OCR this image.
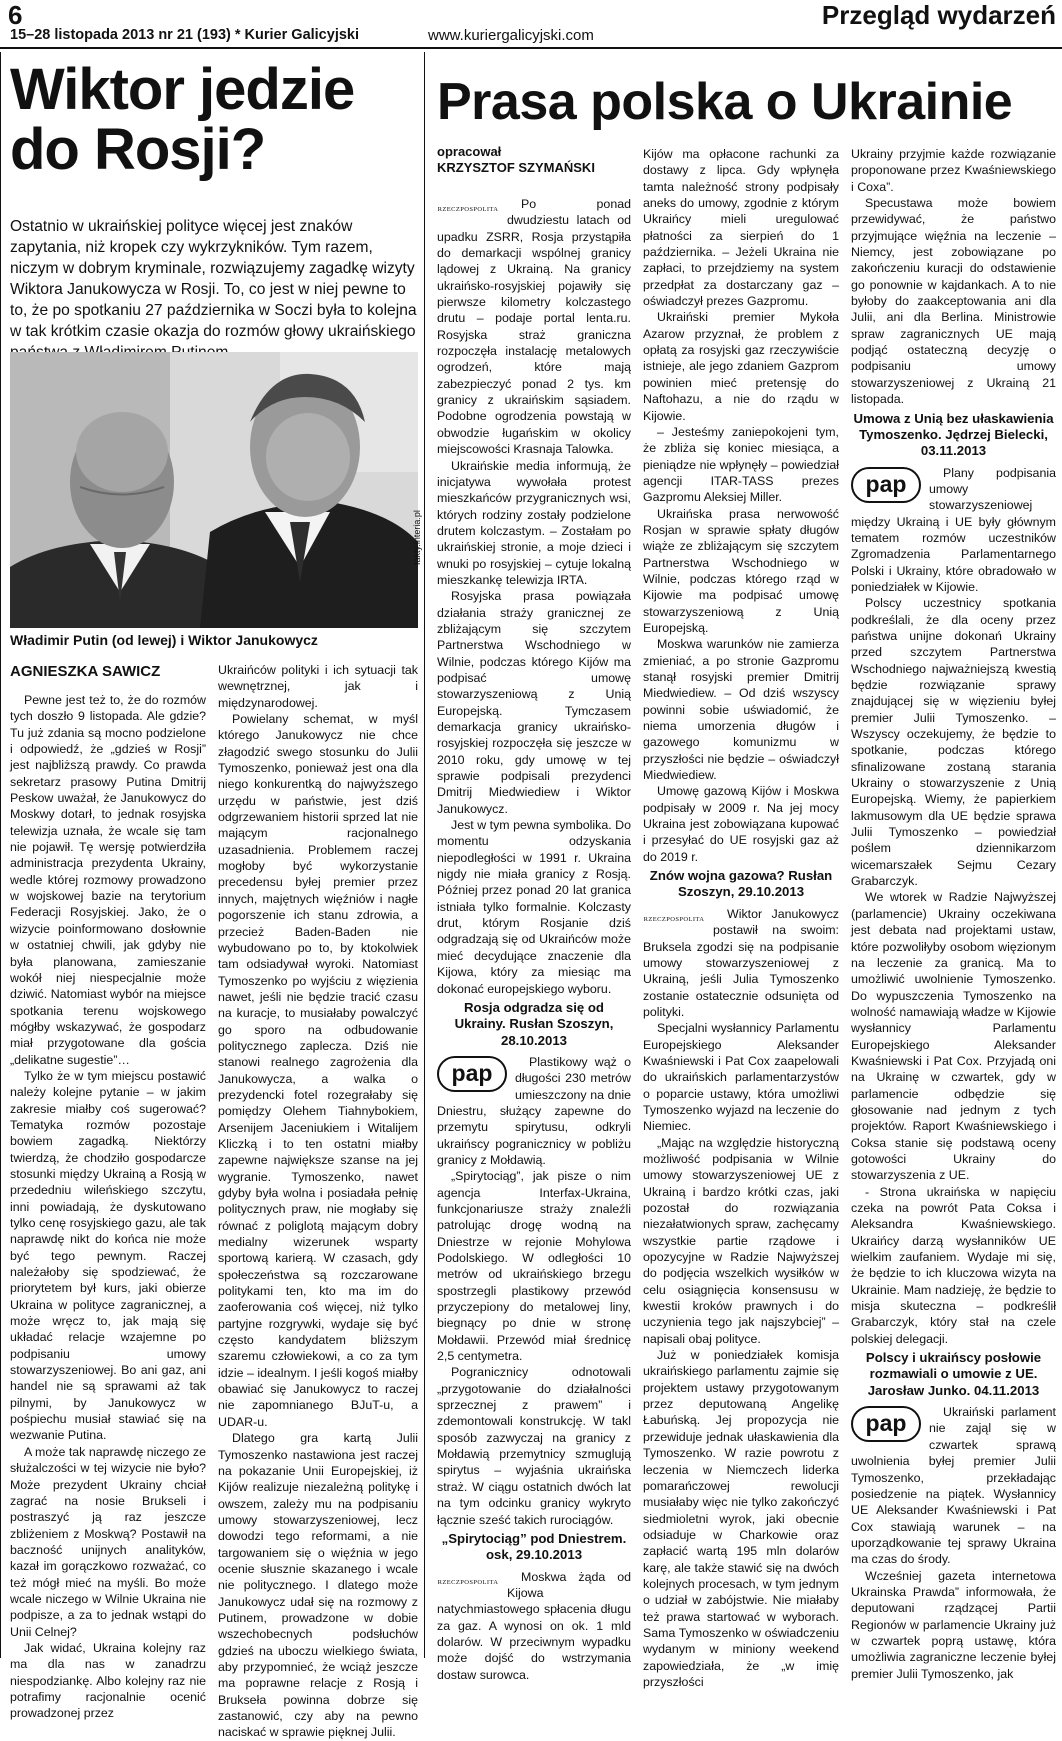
6
15–28 listopada 2013 nr 21 (193) * Kurier Galicyjski	www.kuriergalicyjski.com
Przegląd wydarzeń
Wiktor jedzie do Rosji?

Ostatnio w ukraińskiej polityce więcej jest znaków zapytania, niż kropek czy wykrzykników. Tym razem, niczym w dobrym kryminale, rozwiązujemy zagadkę wizyty Wiktora Janukowycza w Rosji. To, co jest w niej pewne to to, że po spotkaniu 27 października w Soczi była to kolejna w tak krótkim czasie okazja do rozmów głowy ukraińskiego

fakty.interia.pl

Władimir Putin (od lewej) i Wiktor Janukowycz

AGNIESZKA SAWICZ

Pewne jest też to, że do rozmów tych doszło 9 listopada. Ale gdzie? Tu już zdania są mocno podzielone i odpowiedź, że „gdzieś w Rosji” jest najbliższą prawdy. Co prawda sekretarz prasowy Putina Dmitrij Peskow uważał, że Janukowycz do Moskwy dotarł, to jednak rosyjska telewizja uznała, że wcale się tam nie pojawił. Tę wersję potwierdziła administracja prezydenta Ukrainy, wedle której rozmowy prowadzono w wojskowej bazie na terytorium Federacji Rosyjskiej. Jako, że o wizycie poinformowano dosłownie w ostatniej chwili, jak gdyby nie była planowana, zamieszanie wokół niej niespecjalnie może dziwić. Natomiast wybór na miejsce spotkania terenu wojskowego mógłby wskazywać, że gospodarz miał przygotowane dla gościa „delikatne sugestie”…

Tylko że w tym miejscu postawić należy kolejne pytanie – w jakim zakresie miałby coś sugerować? Tematyka rozmów pozostaje bowiem zagadką. Niektórzy twierdzą, że chodziło gospodarcze stosunki między Ukrainą a Rosją w przededniu wileńskiego szczytu, inni powiadają, że dyskutowano tylko cenę rosyjskiego gazu, ale tak naprawdę nikt do końca nie może być tego pewnym. Raczej należałoby się spodziewać, że priorytetem był kurs, jaki obierze Ukraina w polityce zagranicznej, a może wręcz to, jak mają się układać relacje wzajemne po podpisaniu umowy stowarzyszeniowej. Bo ani gaz, ani handel nie są sprawami aż tak pilnymi, by Janukowycz w pośpiechu musiał stawiać się na wezwanie Putina.

A może tak naprawdę niczego ze służalczości w tej wizycie nie było? Może prezydent Ukrainy chciał zagrać na nosie Brukseli i postraszyć ją raz jeszcze zbliżeniem z Moskwą? Postawił na baczność unijnych analityków, kazał im gorączkowo rozważać, co też mógł mieć na myśli. Bo może wcale niczego w Wilnie Ukraina nie podpisze, a za to jednak wstąpi do Unii Celnej?

Jak widać, Ukraina kolejny raz ma dla nas w zanadrzu niespodziankę. Albo kolejny raz nie potrafimy racjonalnie ocenić prowadzonej przez

Ukraińców polityki i ich sytuacji tak wewnętrznej, jak i międzynarodowej.

Powielany schemat, w myśl którego Janukowycz nie chce złagodzić swego stosunku do Julii Tymoszenko, ponieważ jest ona dla niego konkurentką do najwyższego urzędu w państwie, jest dziś odgrzewaniem historii sprzed lat nie mającym racjonalnego uzasadnienia. Problemem raczej mogłoby być wykorzystanie precedensu byłej premier przez innych, majętnych więźniów i nagłe pogorszenie ich stanu zdrowia, a przecież Baden-Baden nie wybudowano po to, by ktokolwiek tam odsiadywał wyroki. Natomiast Tymoszenko po wyjściu z więzienia nawet, jeśli nie będzie tracić czasu na kuracje, to musiałaby powalczyć go sporo na odbudowanie politycznego zaplecza. Dziś nie stanowi realnego zagrożenia dla Janukowycza, a walka o prezydencki fotel rozegrałaby się pomiędzy Olehem Tiahnybokiem, Arsenijem Jaceniukiem i Witalijem Kliczką i to ten ostatni miałby zapewne największe szanse na jej wygranie. Tymoszenko, nawet gdyby była wolna i posiadała pełnię politycznych praw, nie mogłaby się równać z poliglotą mającym dobry medialny wizerunek wsparty sportową karierą. W czasach, gdy społeczeństwa są rozczarowane politykami ten, kto ma im do zaoferowania coś więcej, niż tylko partyjne rozgrywki, wydaje się być często kandydatem bliższym szaremu człowiekowi, a co za tym idzie – idealnym. I jeśli kogoś miałby obawiać się Janukowycz to raczej nie zapomnianego BJuT-u, a UDAR-u.

Dlatego gra kartą Julii Tymoszenko nastawiona jest raczej na pokazanie Unii Europejskiej, iż Kijów realizuje niezależną politykę i owszem, zależy mu na podpisaniu umowy stowarzyszeniowej, lecz dowodzi tego reformami, a nie targowaniem się o więźnia w jego ocenie słusznie skazanego i wcale nie politycznego. I dlatego może Janukowycz udał się na rozmowy z Putinem, prowadzone w dobie wszechobecnych podsłuchów gdzieś na uboczu wielkiego świata, aby przypomnieć, że wciąż jeszcze ma poprawne relacje z Rosją i Brukseła powinna dobrze się zastanowić, czy aby na pewno naciskać w sprawie pięknej Julii.

Prasa polska o Ukrainie
opracował
KRZYSZTOF SZYMAŃSKI
RZECZPOSPOLITA	Po ponad dwudziestu latach od upadku ZSRR, Rosja przystąpiła do demarkacji wspólnej granicy lądowej z Ukrainą. Na granicy ukraińsko-rosyjskiej pojawiły się pierwsze kilometry kolczastego drutu – podaje portal lenta.ru. Rosyjska straż graniczna rozpoczęła instalację metalowych ogrodzeń, które mają zabezpieczyć ponad 2 tys. km granicy z ukraińskim sąsiadem. Podobne ogrodzenia powstają w obwodzie ługańskim w okolicy miejscowości Krasnaja Talowka.

Ukraińskie media informują, że inicjatywa wywołała protest mieszkańców przygranicznych wsi, których rodziny zostały podzielone drutem kolczastym. – Zostałam po ukraińskiej stronie, a moje dzieci i wnuki po rosyjskiej – cytuje lokalną mieszkankę telewizja IRTA.

Rosyjska prasa powiązała działania straży granicznej ze zbliżającym się szczytem Partnerstwa Wschodniego w Wilnie, podczas którego Kijów ma podpisać umowę stowarzyszeniową z Unią Europejską. Tymczasem demarkacja granicy ukraińsko-rosyjskiej rozpoczęła się jeszcze w 2010 roku, gdy umowę w tej sprawie podpisali prezydenci Dmitrij Miedwiediew i Wiktor Janukowycz.

Jest w tym pewna symbolika. Do momentu odzyskania niepodległości w 1991 r. Ukraina nigdy nie miała granicy z Rosją. Później przez ponad 20 lat granica istniała tylko formalnie. Kolczasty drut, którym Rosjanie dziś odgradzają się od Ukraińców może mieć decydujące znaczenie dla Kijowa, który za miesiąc ma dokonać europejskiego wyboru.

Rosja odgradza się od Ukrainy. Rusłan Szoszyn, 28.10.2013

pap	Plastikowy wąż o długości 230 metrów umieszczony na dnie Dniestru, służący zapewne do przemytu spirytusu, odkryli ukraińscy pogranicznicy w pobliżu granicy z Mołdawią.

„Spirytociąg”, jak pisze o nim agencja Interfax-Ukraina, funkcjonariusze straży znaleźli patrolując drogę wodną na Dniestrze w rejonie Mohylowa Podolskiego. W odległości 10 metrów od ukraińskiego brzegu spostrzegli plastikowy przewód przyczepiony do metalowej liny, biegnący po dnie w stronę Mołdawii. Przewód miał średnicę 2,5 centymetra.

Pogranicznicy odnotowali „przygotowanie do działalności sprzecznej z prawem” i zdemontowali konstrukcję. W takl sposób zazwyczaj na granicy z Mołdawią przemytnicy szmuglują spirytus – wyjaśnia ukraińska straż. W ciągu ostatnich dwóch lat na tym odcinku granicy wykryto łącznie sześć takich rurociągów.

„Spirytociąg” pod Dniestrem. osk, 29.10.2013

RZECZPOSPOLITA	Moskwa żąda od Kijowa natychmiastowego spłacenia długu za gaz. A wynosi on ok. 1 mld dolarów. W przeciwnym wypadku może dojść do wstrzymania dostaw surowca.

Kijów ma opłacone rachunki za dostawy z lipca. Gdy wpłynęła tamta należność strony podpisały aneks do umowy, zgodnie z którym Ukraińcy mieli uregulować płatności za sierpień do 1 października. – Jeżeli Ukraina nie zapłaci, to przejdziemy na system przedpłat za dostarczany gaz – oświadczył prezes Gazpromu.

Ukraiński premier Mykoła Azarow przyznał, że problem z opłatą za rosyjski gaz rzeczywiście istnieje, ale jego zdaniem Gazprom powinien mieć pretensję do Naftohazu, a nie do rządu w Kijowie.

– Jesteśmy zaniepokojeni tym, że zbliża się koniec miesiąca, a pieniądze nie wpłynęły – powiedział agencji ITAR-TASS prezes Gazpromu Aleksiej Miller.

Ukraińska prasa nerwowość Rosjan w sprawie spłaty długów wiąże ze zbliżającym się szczytem Partnerstwa Wschodniego w Wilnie, podczas którego rząd w Kijowie ma podpisać umowę stowarzyszeniową z Unią Europejską.

Moskwa warunków nie zamierza zmieniać, a po stronie Gazpromu stanął rosyjski premier Dmitrij Miedwiediew. – Od dziś wszyscy powinni sobie uświadomić, że niema umorzenia długów i gazowego komunizmu w przyszłości nie będzie – oświadczył Miedwiediew.

Umowę gazową Kijów i Moskwa podpisały w 2009 r. Na jej mocy Ukraina jest zobowiązana kupować i przesyłać do UE rosyjski gaz aż do 2019 r.

Znów wojna gazowa? Rusłan Szoszyn, 29.10.2013

RZECZPOSPOLITA	Wiktor Janukowycz postawił na swoim: Bruksela zgodzi się na podpisanie umowy stowarzyszeniowej z Ukrainą, jeśli Julia Tymoszenko zostanie ostatecznie odsunięta od polityki.

Specjalni wysłannicy Parlamentu Europejskiego Aleksander Kwaśniewski i Pat Cox zaapelowali do ukraińskich parlamentarzystów o poparcie ustawy, która umożliwi Tymoszenko wyjazd na leczenie do Niemiec.

„Mając na względzie historyczną możliwość podpisania w Wilnie umowy stowarzyszeniowej UE z Ukrainą i bardzo krótki czas, jaki pozostał do rozwiązania niezałatwionych spraw, zachęcamy wszystkie partie rządowe i opozycyjne w Radzie Najwyższej do podjęcia wszelkich wysiłków w celu osiągnięcia konsensusu w kwestii kroków prawnych i do uczynienia tego jak najszybciej” – napisali obaj polityce.

Już w poniedziałek komisja ukraińskiego parlamentu zajmie się projektem ustawy przygotowanym przez deputowaną Angelikę Łabuńską. Jej propozycja nie przewiduje jednak ułaskawienia dla Tymoszenko. W razie powrotu z leczenia w Niemczech liderka pomarańczowej rewolucji musiałaby więc nie tylko zakończyć siedmioletni wyrok, jaki obecnie odsiaduje w Charkowie oraz zapłacić wartą 195 mln dolarów karę, ale także stawić się na dwóch kolejnych procesach, w tym jednym o udział w zabójstwie. Nie miałaby też prawa startować w wyborach. Sama Tymoszenko w oświadczeniu wydanym w miniony weekend zapowiedziała, że „w imię przyszłości

Ukrainy przyjmie każde rozwiązanie proponowane przez Kwaśniewskiego i Coxa”.

Specustawa może bowiem przewidywać, że państwo przyjmujące więźnia na leczenie – Niemcy, jest zobowiązane po zakończeniu kuracji do odstawienie go ponownie w kajdankach. A to nie byłoby do zaakceptowania ani dla Julii, ani dla Berlina. Ministrowie spraw zagranicznych UE mają podjąć ostateczną decyzję o podpisaniu umowy stowarzyszeniowej z Ukrainą 21 listopada.

Umowa z Unią bez ułaskawienia Tymoszenko. Jędrzej Bielecki, 03.11.2013

pap	Plany podpisania umowy stowarzyszeniowej między Ukrainą i UE były głównym tematem rozmów uczestników Zgromadzenia Parlamentarnego Polski i Ukrainy, które obradowało w poniedziałek w Kijowie.

Polscy uczestnicy spotkania podkreślali, że dla oceny przez państwa unijne dokonań Ukrainy przed szczytem Partnerstwa Wschodniego najważniejszą kwestią będzie rozwiązanie sprawy znajdującej się w więzieniu byłej premier Julii Tymoszenko. – Wszyscy oczekujemy, że będzie to spotkanie, podczas którego sfinalizowane zostaną starania Ukrainy o stowarzyszenie z Unią Europejską. Wiemy, że papierkiem lakmusowym dla UE będzie sprawa Julii Tymoszenko – powiedział poślem dziennikarzom wicemarszałek Sejmu Cezary Grabarczyk.

We wtorek w Radzie Najwyższej (parlamencie) Ukrainy oczekiwana jest debata nad projektami ustaw, które pozwoliłyby osobom więzionym na leczenie za granicą. Ma to umożliwić uwolnienie Tymoszenko. Do wypuszczenia Tymoszenko na wolność namawiają władze w Kijowie wysłannicy Parlamentu Europejskiego Aleksander Kwaśniewski i Pat Cox. Przyjadą oni na Ukrainę w czwartek, gdy w parlamencie odbędzie się głosowanie nad jednym z tych projektów. Raport Kwaśniewskiego i Coksa stanie się podstawą oceny gotowości Ukrainy do stowarzyszenia z UE.

- Strona ukraińska w napięciu czeka na powrót Pata Coksa i Aleksandra Kwaśniewskiego. Ukraińcy darzą wysłanników UE wielkim zaufaniem. Wydaje mi się, że będzie to ich kluczowa wizyta na Ukrainie. Mam nadzieję, że będzie to misja skuteczna – podkreślił Grabarczyk, który stał na czele polskiej delegacji.

Polscy i ukraińscy posłowie rozmawiali o umowie z UE. Jarosław Junko. 04.11.2013

pap	Ukraiński parlament nie zająl się w czwartek sprawą uwolnienia byłej premier Julii Tymoszenko, przekładając posiedzenie na piątek. Wysłannicy UE Aleksander Kwaśniewski i Pat Cox stawiają warunek – na uporządkowanie tej sprawy Ukraina ma czas do środy.

Wcześniej gazeta internetowa Ukrainska Prawda” informowała, że deputowani rządzącej Partii Regionów w parlamencie Ukrainy już w czwartek poprą ustawę, która umożliwia zagraniczne leczenie byłej premier Julii Tymoszenko, jak
